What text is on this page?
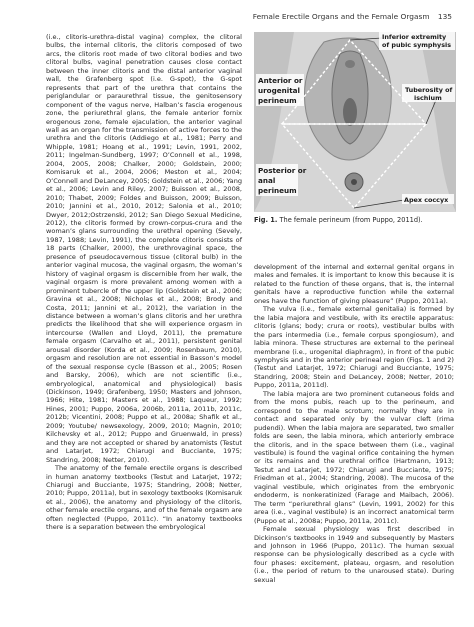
Female Erectile Organs and the Female Orgasm 135

(i.e., clitoris-urethra-distal vagina) complex, the clitoral bulbs, the internal clitoris, the clitoris composed of two arcs, the clitoris root made of two clitoral bodies and two clitoral bulbs, vaginal penetration causes close contact between the inner clitoris and the distal anterior vaginal wall, the Grafenberg spot (i.e. G-spot), the G-spot represents that part of the urethra that contains the periglandular or paraurethral tissue, the genitosensory component of the vagus nerve, Halban’s fascia erogenous zone, the periurethral glans, the female anterior fornix erogenous zone, female ejaculation, the anterior vaginal wall as an organ for the transmission of active forces to the urethra and the clitoris (Addiego et al., 1981; Perry and Whipple, 1981; Hoang et al., 1991; Levin, 1991, 2002, 2011; Ingelman-Sundberg, 1997; O’Connell et al., 1998, 2004, 2005, 2008; Chalker, 2000; Goldstein, 2000; Komisaruk et al., 2004, 2006; Meston et al., 2004; O’Connell and DeLancey, 2005; Goldstein et al., 2006; Yang et al., 2006; Levin and Riley, 2007; Buisson et al., 2008, 2010; Thabet, 2009; Foldes and Buisson, 2009; Buisson, 2010; Jannini et al., 2010, 2012; Salonia et al., 2010; Dwyer, 2012;Ostrzenski, 2012; San Diego Sexual Medicine, 2012), the clitoris formed by crown-corpus-crura and the woman’s glans surrounding the urethral opening (Sevely, 1987, 1988; Levin, 1991), the complete clitoris consists of 18 parts (Chalker, 2000), the urethrovaginal space, the presence of pseudocavernous tissue (clitoral bulb) in the anterior vaginal mucosa, the vaginal orgasm, the woman’s history of vaginal orgasm is discernible from her walk, the vaginal orgasm is more prevalent among women with a prominent tubercle of the upper lip (Goldstein et al., 2006; Gravina et al., 2008; Nicholas et al., 2008; Brody and Costa, 2011; Jannini et al., 2012), the variation in the distance between a woman’s glans clitoris and her urethra predicts the likelihood that she will experience orgasm in intercourse (Wallen and Lloyd, 2011), the premature female orgasm (Carvalho et al., 2011), persistent genital arousal disorder (Korda et al., 2009; Rosenbaum, 2010), orgasm and resolution are not essential in Basson’s model of the sexual response cycle (Basson et al., 2005; Rosen and Barsky, 2006), which are not scientific (i.e., embryological, anatomical and physiological) basis (Dickinson, 1949; Grafenberg, 1950; Masters and Johnson, 1966; Hite, 1981; Masters et al., 1988; Laqueur, 1992; Hines, 2001; Puppo, 2006a, 2006b, 2011a, 2011b, 2011c, 2012b; Vicentini, 2008; Puppo et al., 2008a; Shafik et al., 2009; Youtube/ newsexology, 2009, 2010; Magnin, 2010; Kilchevsky et al., 2012; Puppo and Gruenwald, in press) and they are not accepted or shared by anatomists (Testut and Latarjet, 1972; Chiarugi and Bucciante, 1975; Standring, 2008; Netter, 2010).

The anatomy of the female erectile organs is described in human anatomy textbooks (Testut and Latarjet, 1972; Chiarugi and Bucciante, 1975; Standring, 2008; Netter, 2010; Puppo, 2011a), but in sexology textbooks (Komisaruk et al., 2006), the anatomy and physiology of the clitoris, other female erectile organs, and of the female orgasm are often neglected (Puppo, 2011c). “In anatomy textbooks there is a separation between the embryological

Inferior extremity
of pubic symphysis
Anterior or
urogenital
perineum
Tuberosity of
ischium
Posterior or
anal
perineum
Apex coccyx
Fig. 1. The female perineum (from Puppo, 2011d).

development of the internal and external genital organs in males and females. It is important to know this because it is related to the function of these organs, that is, the internal genitals have a reproductive function while the external ones have the function of giving pleasure” (Puppo, 2011a).

The vulva (i.e., female external genitalia) is formed by the labia majora and vestibule, with its erectile apparatus: clitoris (glans; body; crura or roots), vestibular bulbs with the pars intermedia (i.e., female corpus spongiosum), and labia minora. These structures are external to the perineal membrane (i.e., urogenital diaphragm), in front of the pubic symphysis and in the anterior perineal region (Figs. 1 and 2) (Testut and Latarjet, 1972; Chiarugi and Bucciante, 1975; Standring, 2008; Stein and DeLancey, 2008; Netter, 2010; Puppo, 2011a, 2011d).

The labia majora are two prominent cutaneous folds and from the mons pubis, reach up to the perineum, and correspond to the male scrotum; normally they are in contact and separated only by the vulvar cleft (rima pudendi). When the labia majora are separated, two smaller folds are seen, the labia minora, which anteriorly embrace the clitoris, and in the space between them (i.e., vaginal vestibule) is found the vaginal orifice containing the hymen or its remains and the urethral orifice (Hartmann, 1913; Testut and Latarjet, 1972; Chiarugi and Bucciante, 1975; Friedman et al., 2004; Standring, 2008). The mucosa of the vaginal vestibule, which originates from the embryonic endoderm, is nonkeratinized (Farage and Maibach, 2006). The term “periurethral glans” (Levin, 1991, 2002) for this area (i.e., vaginal vestibule) is an incorrect anatomical term (Puppo et al., 2008a; Puppo, 2011a, 2011c).

Female sexual physiology was first described in Dickinson’s textbooks in 1949 and subsequently by Masters and Johnson in 1966 (Puppo, 2011c). The human sexual response can be physiologically described as a cycle with four phases: excitement, plateau, orgasm, and resolution (i.e., the period of return to the unaroused state). During sexual
